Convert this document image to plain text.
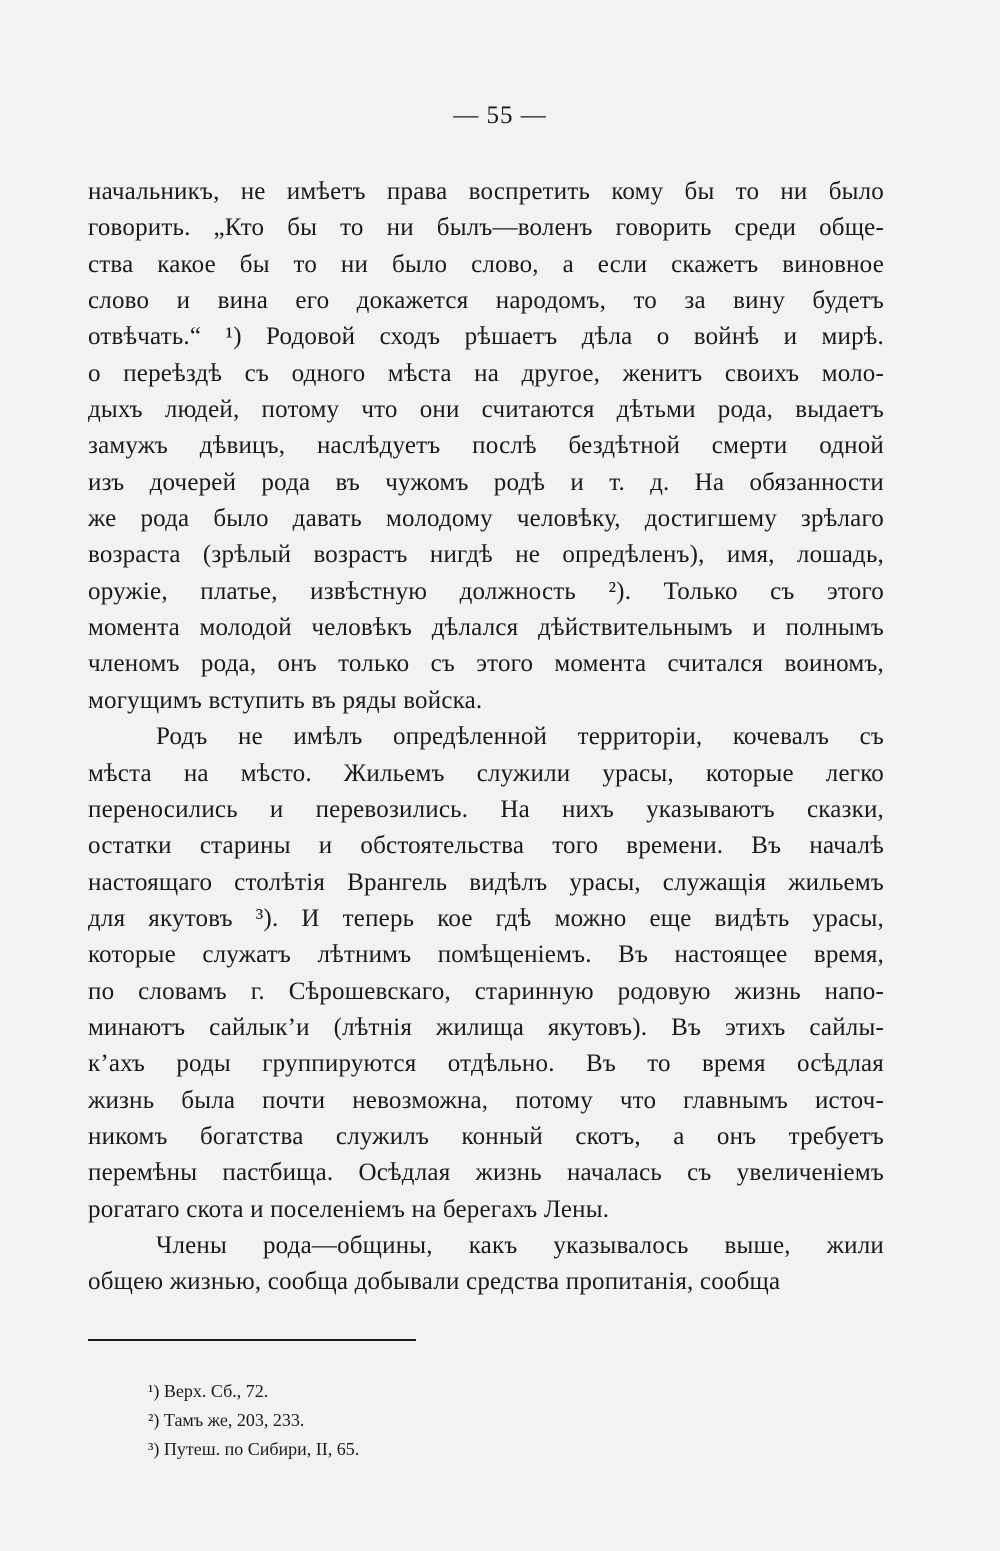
— 55 —
начальникъ, не имѣетъ права воспретить кому бы то ни было
говорить. „Кто бы то ни былъ—воленъ говорить среди обще-
ства какое бы то ни было слово, а если скажетъ виновное
слово и вина его докажется народомъ, то за вину будетъ
отвѣчать.“ ¹) Родовой сходъ рѣшаетъ дѣла о войнѣ и мирѣ.
о переѣздѣ съ одного мѣста на другое, женитъ своихъ моло-
дыхъ людей, потому что они считаются дѣтьми рода, выдаетъ
замужъ дѣвицъ, наслѣдуетъ послѣ бездѣтной смерти одной
изъ дочерей рода въ чужомъ родѣ и т. д. На обязанности
же рода было давать молодому человѣку, достигшему зрѣлаго
возраста (зрѣлый возрастъ нигдѣ не опредѣленъ), имя, лошадь,
оружіе, платье, извѣстную должность ²). Только съ этого
момента молодой человѣкъ дѣлался дѣйствительнымъ и полнымъ
членомъ рода, онъ только съ этого момента считался воиномъ,
могущимъ вступить въ ряды войска.
Родъ не имѣлъ опредѣленной территоріи, кочевалъ съ
мѣста на мѣсто. Жильемъ служили урасы, которые легко
переносились и перевозились. На нихъ указываютъ сказки,
остатки старины и обстоятельства того времени. Въ началѣ
настоящаго столѣтія Врангель видѣлъ урасы, служащія жильемъ
для якутовъ ³). И теперь кое гдѣ можно еще видѣть урасы,
которые служатъ лѣтнимъ помѣщеніемъ. Въ настоящее время,
по словамъ г. Сѣрошевскаго, старинную родовую жизнь напо-
минаютъ сайлык’и (лѣтнія жилища якутовъ). Въ этихъ сайлы-
к’ахъ роды группируются отдѣльно. Въ то время осѣдлая
жизнь была почти невозможна, потому что главнымъ источ-
никомъ богатства служилъ конный скотъ, а онъ требуетъ
перемѣны пастбища. Осѣдлая жизнь началась съ увеличеніемъ
рогатаго скота и поселеніемъ на берегахъ Лены.
Члены рода—общины, какъ указывалось выше, жили
общею жизнью, сообща добывали средства пропитанія, сообща
¹) Верх. Сб., 72.
²) Тамъ же, 203, 233.
³) Путеш. по Сибири, II, 65.
